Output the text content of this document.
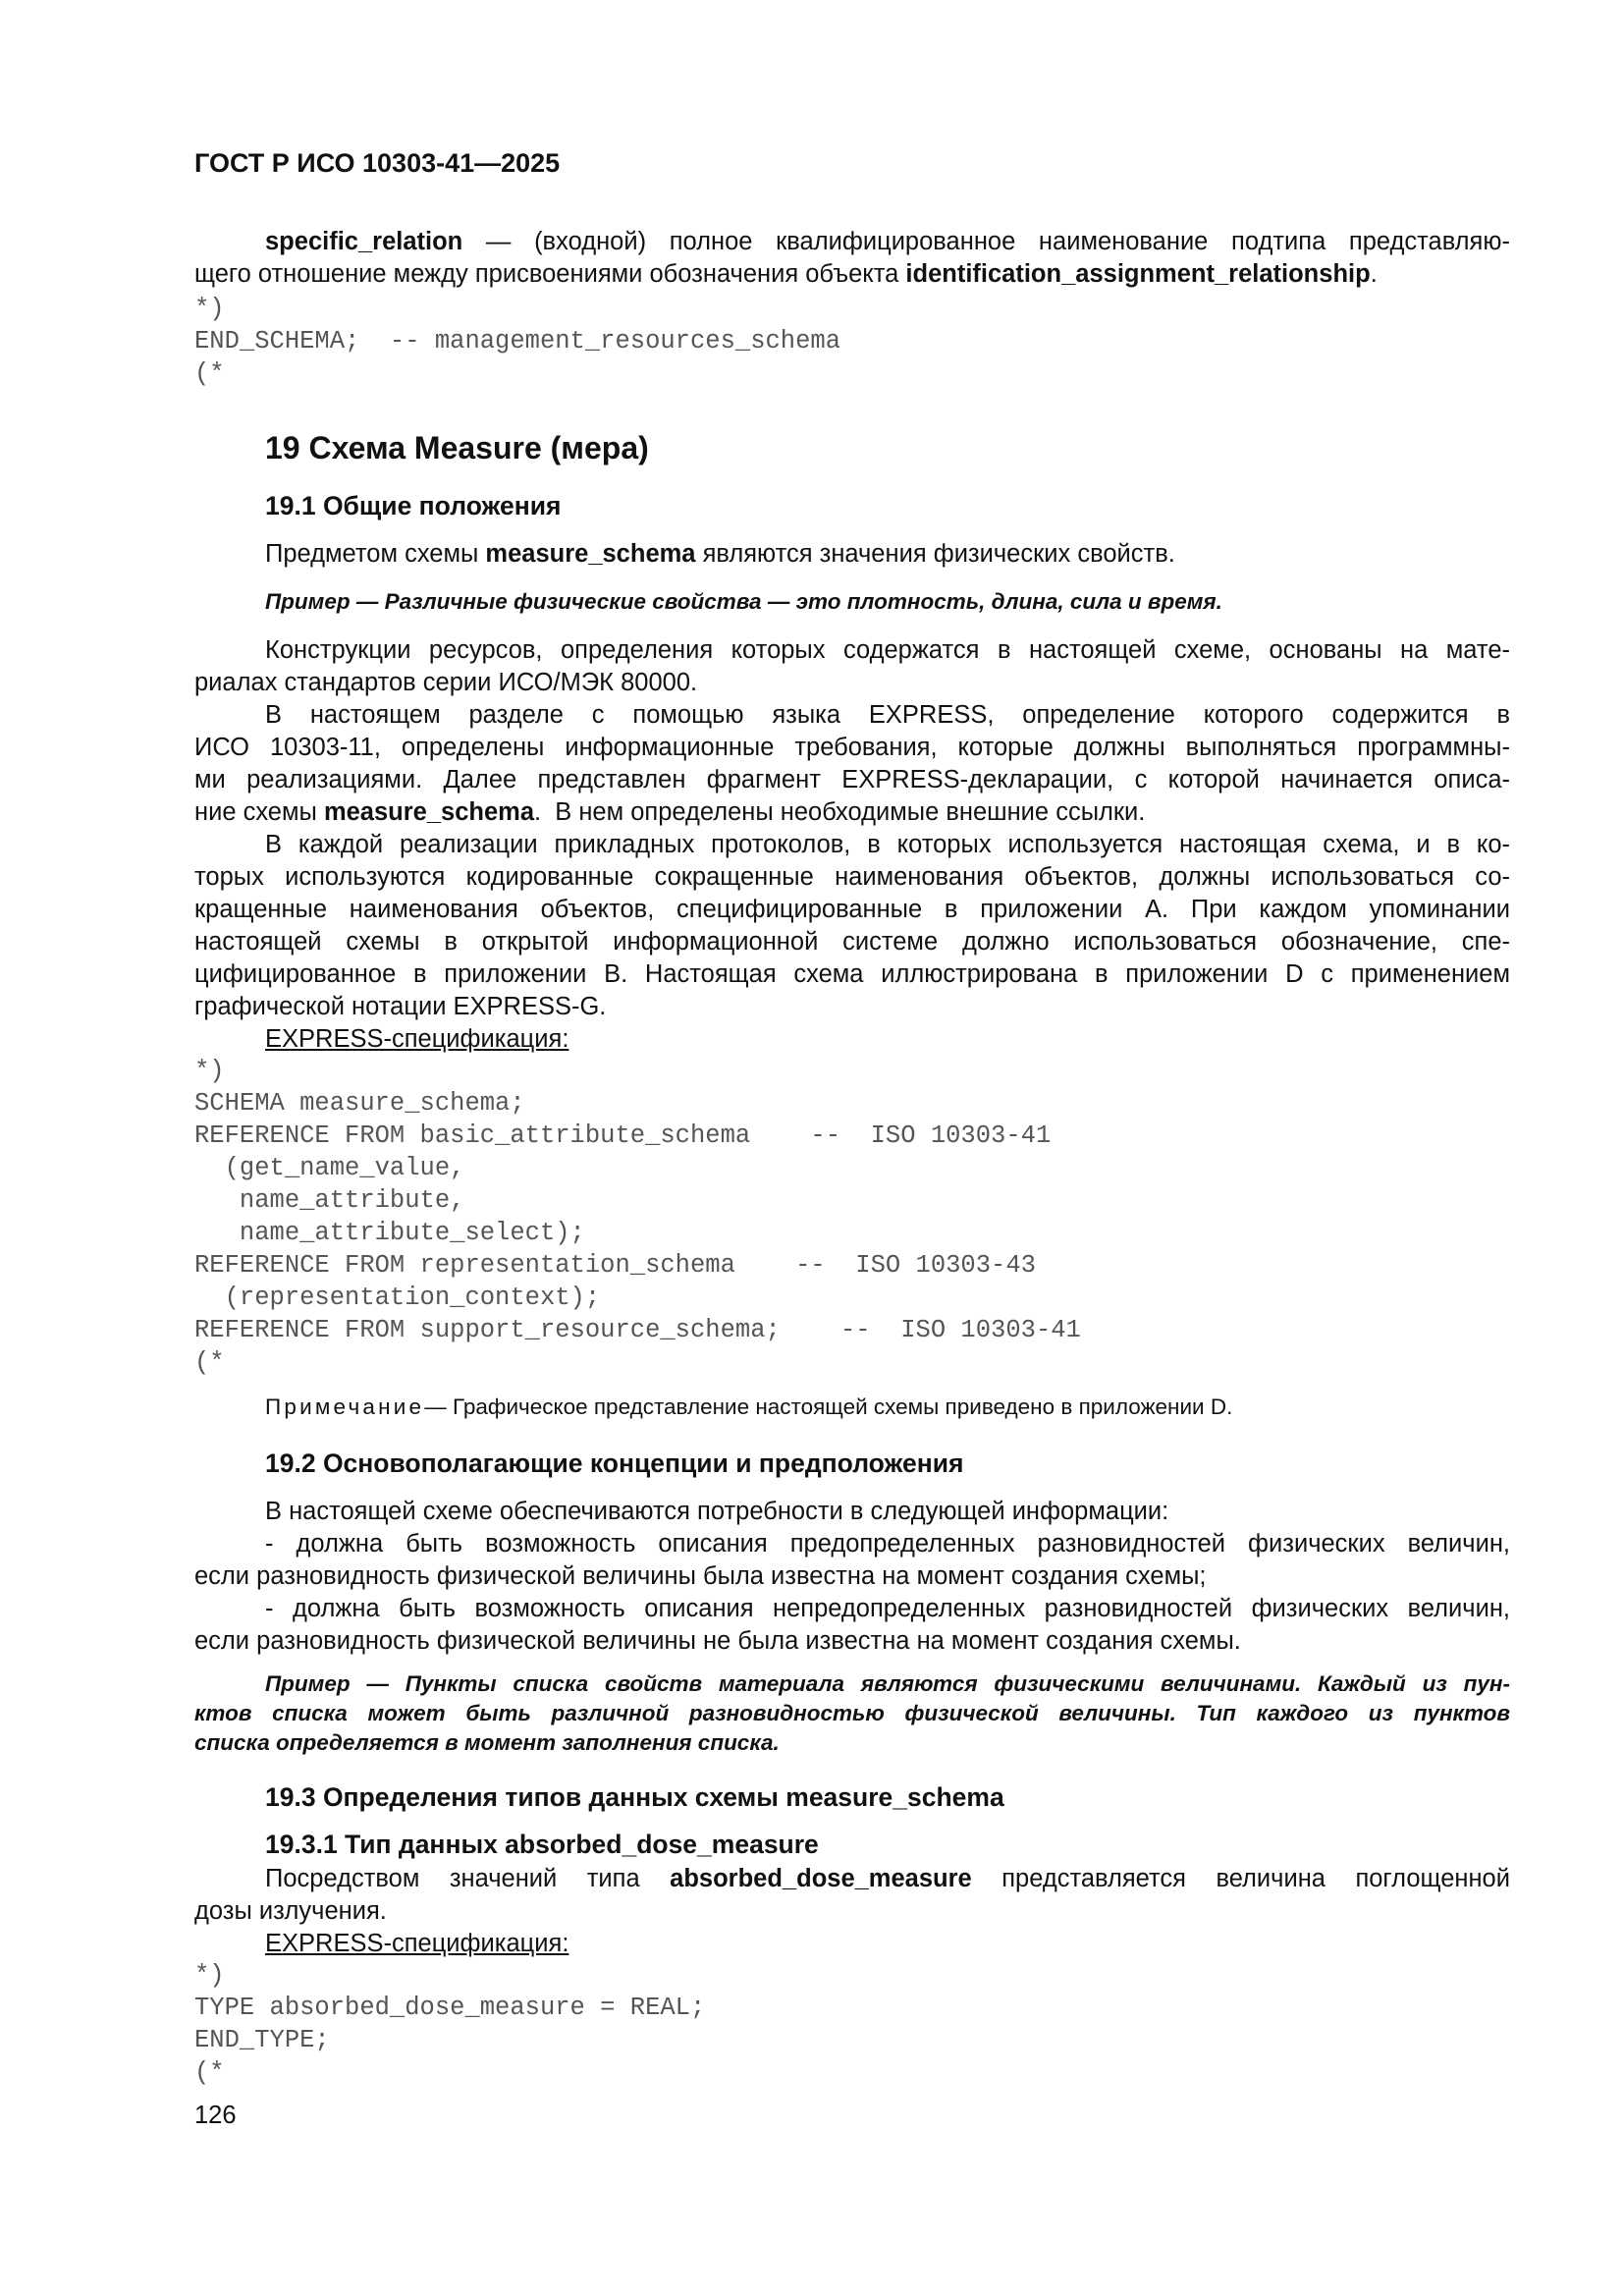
ГОСТ Р ИСО 10303-41—2025
specific_relation — (входной) полное квалифицированное наименование подтипа представляю-
щего отношение между присвоениями обозначения объекта identification_assignment_relationship.
*)
END_SCHEMA;  -- management_resources_schema
(*
19 Схема Measure (мера)
19.1 Общие положения
Предметом схемы measure_schema являются значения физических свойств.
Пример — Различные физические свойства — это плотность, длина, сила и время.
Конструкции ресурсов, определения которых содержатся в настоящей схеме, основаны на мате-
риалах стандартов серии ИСО/МЭК 80000.
В настоящем разделе с помощью языка EXPRESS, определение которого содержится в
ИСО 10303-11, определены информационные требования, которые должны выполняться программны-
ми реализациями. Далее представлен фрагмент EXPRESS-декларации, с которой начинается описа-
ние схемы measure_schema.  В нем определены необходимые внешние ссылки.
В каждой реализации прикладных протоколов, в которых используется настоящая схема, и в ко-
торых используются кодированные сокращенные наименования объектов, должны использоваться со-
кращенные наименования объектов, специфицированные в приложении А. При каждом упоминании
настоящей схемы в открытой информационной системе должно использоваться обозначение, спе-
цифицированное в приложении В. Настоящая схема иллюстрирована в приложении D с применением
графической нотации EXPRESS-G.
EXPRESS-спецификация:
*)
SCHEMA measure_schema;
REFERENCE FROM basic_attribute_schema    --  ISO 10303-41
(get_name_value,
name_attribute,
name_attribute_select);
REFERENCE FROM representation_schema    --  ISO 10303-43
(representation_context);
REFERENCE FROM support_resource_schema;    --  ISO 10303-41
(*
Примечание— Графическое представление настоящей схемы приведено в приложении D.
19.2 Основополагающие концепции и предположения
В настоящей схеме обеспечиваются потребности в следующей информации:
- должна быть возможность описания предопределенных разновидностей физических величин,
если разновидность физической величины была известна на момент создания схемы;
- должна быть возможность описания непредопределенных разновидностей физических величин,
если разновидность физической величины не была известна на момент создания схемы.
Пример — Пункты списка свойств материала являются физическими величинами. Каждый из пун-
ктов списка может быть различной разновидностью физической величины. Тип каждого из пунктов
списка определяется в момент заполнения списка.
19.3 Определения типов данных схемы measure_schema
19.3.1 Тип данных absorbed_dose_measure
Посредством значений типа absorbed_dose_measure представляется величина поглощенной
дозы излучения.
EXPRESS-спецификация:
*)
TYPE absorbed_dose_measure = REAL;
END_TYPE;
(*
126
